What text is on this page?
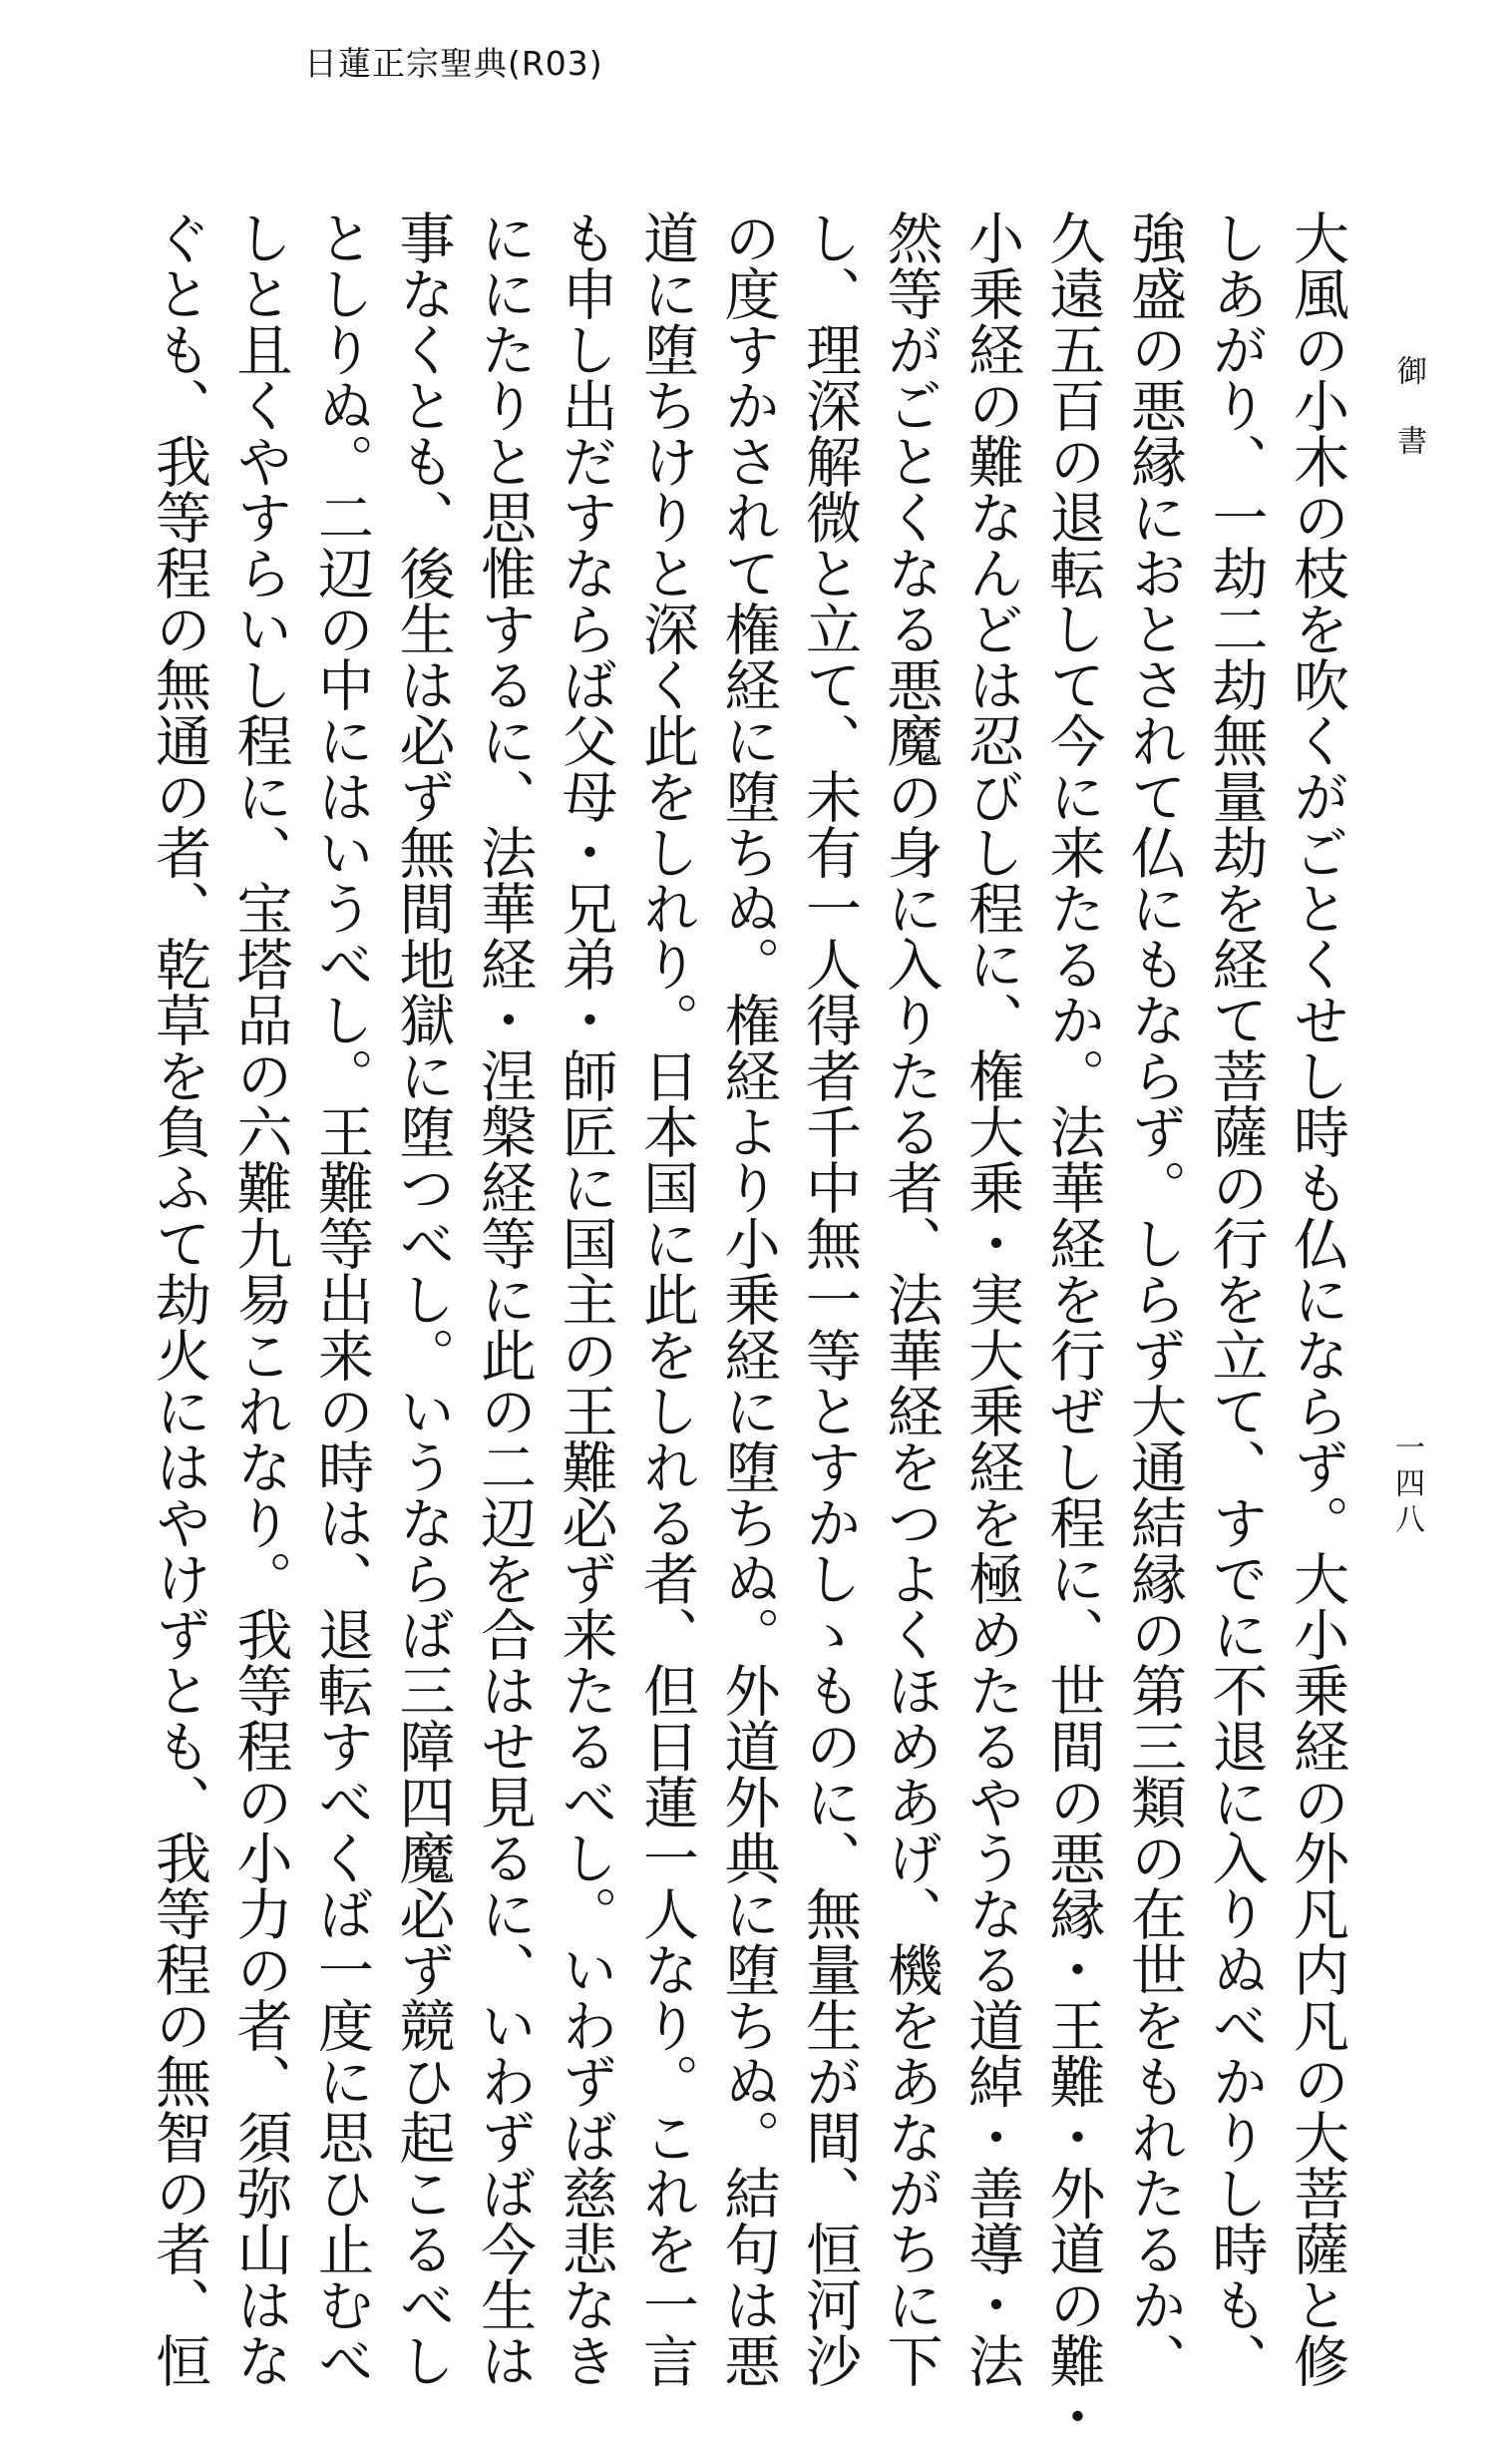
日蓮正宗聖典(R03)
御書
一四八

大風の小木の枝を吹くがごとくせし時も仏にならず。大小乗経の外凡内凡の大菩薩と修

しあがり、一劫二劫無量劫を経て菩薩の行を立て、すでに不退に入りぬべかりし時も、

強盛の悪縁におとされて仏にもならず。しらず大通結縁の第三類の在世をもれたるか、

久遠五百の退転して今に来たるか。法華経を行ぜし程に、世間の悪縁・王難・外道の難・

小乗経の難なんどは忍びし程に、権大乗・実大乗経を極めたるやうなる道綽・善導・法

然等がごとくなる悪魔の身に入りたる者、法華経をつよくほめあげ、機をあながちに下

し、理深解微と立て、未有一人得者千中無一等とすかしゝものに、無量生が間、恒河沙

の度すかされて権経に堕ちぬ。権経より小乗経に堕ちぬ。外道外典に堕ちぬ。結句は悪

道に堕ちけりと深く此をしれり。日本国に此をしれる者、但日蓮一人なり。これを一言

も申し出だすならば父母・兄弟・師匠に国主の王難必ず来たるべし。いわずば慈悲なき

ににたりと思惟するに、法華経・涅槃経等に此の二辺を合はせ見るに、いわずば今生は

事なくとも、後生は必ず無間地獄に堕つべし。いうならば三障四魔必ず競ひ起こるべし

としりぬ。二辺の中にはいうべし。王難等出来の時は、退転すべくば一度に思ひ止むべ

しと且くやすらいし程に、宝塔品の六難九易これなり。我等程の小力の者、須弥山はな

ぐとも、我等程の無通の者、乾草を負ふて劫火にはやけずとも、我等程の無智の者、恒
